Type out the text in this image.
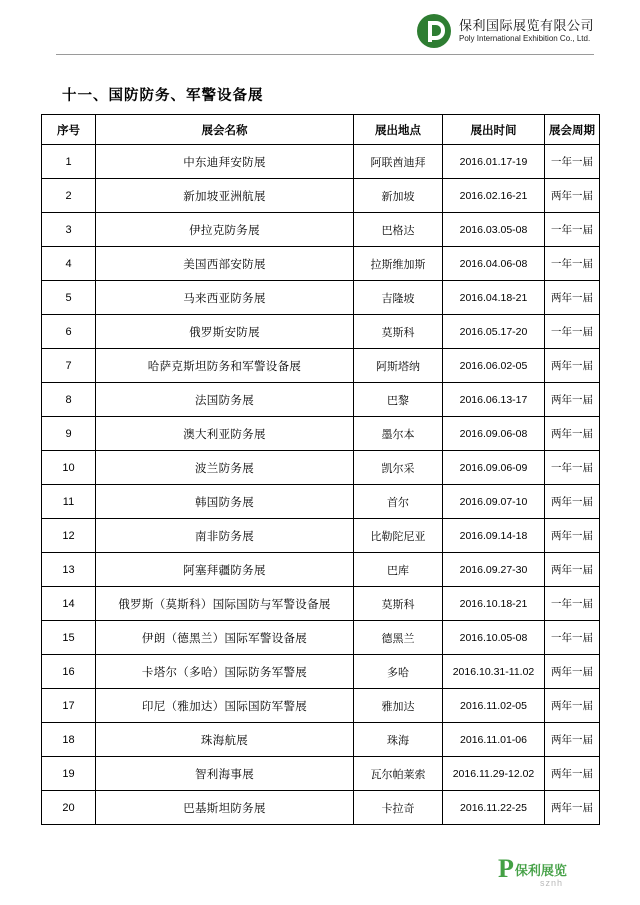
保利国际展览有限公司
Poly International Exhibition Co., Ltd.
十一、国防防务、军警设备展
序号	展会名称	展出地点	展出时间	展会周期
1	中东迪拜安防展	阿联酋迪拜	2016.01.17-19	一年一届
2	新加坡亚洲航展	新加坡	2016.02.16-21	两年一届
3	伊拉克防务展	巴格达	2016.03.05-08	一年一届
4	美国西部安防展	拉斯维加斯	2016.04.06-08	一年一届
5	马来西亚防务展	吉隆坡	2016.04.18-21	两年一届
6	俄罗斯安防展	莫斯科	2016.05.17-20	一年一届
7	哈萨克斯坦防务和军警设备展	阿斯塔纳	2016.06.02-05	两年一届
8	法国防务展	巴黎	2016.06.13-17	两年一届
9	澳大利亚防务展	墨尔本	2016.09.06-08	两年一届
10	波兰防务展	凯尔采	2016.09.06-09	一年一届
11	韩国防务展	首尔	2016.09.07-10	两年一届
12	南非防务展	比勒陀尼亚	2016.09.14-18	两年一届
13	阿塞拜疆防务展	巴库	2016.09.27-30	两年一届
14	俄罗斯（莫斯科）国际国防与军警设备展	莫斯科	2016.10.18-21	一年一届
15	伊朗（德黑兰）国际军警设备展	德黑兰	2016.10.05-08	一年一届
16	卡塔尔（多哈）国际防务军警展	多哈	2016.10.31-11.02	两年一届
17	印尼（雅加达）国际国防军警展	雅加达	2016.11.02-05	两年一届
18	珠海航展	珠海	2016.11.01-06	两年一届
19	智利海事展	瓦尔帕莱索	2016.11.29-12.02	两年一届
20	巴基斯坦防务展	卡拉奇	2016.11.22-25	两年一届
P 保利展览
sznh
